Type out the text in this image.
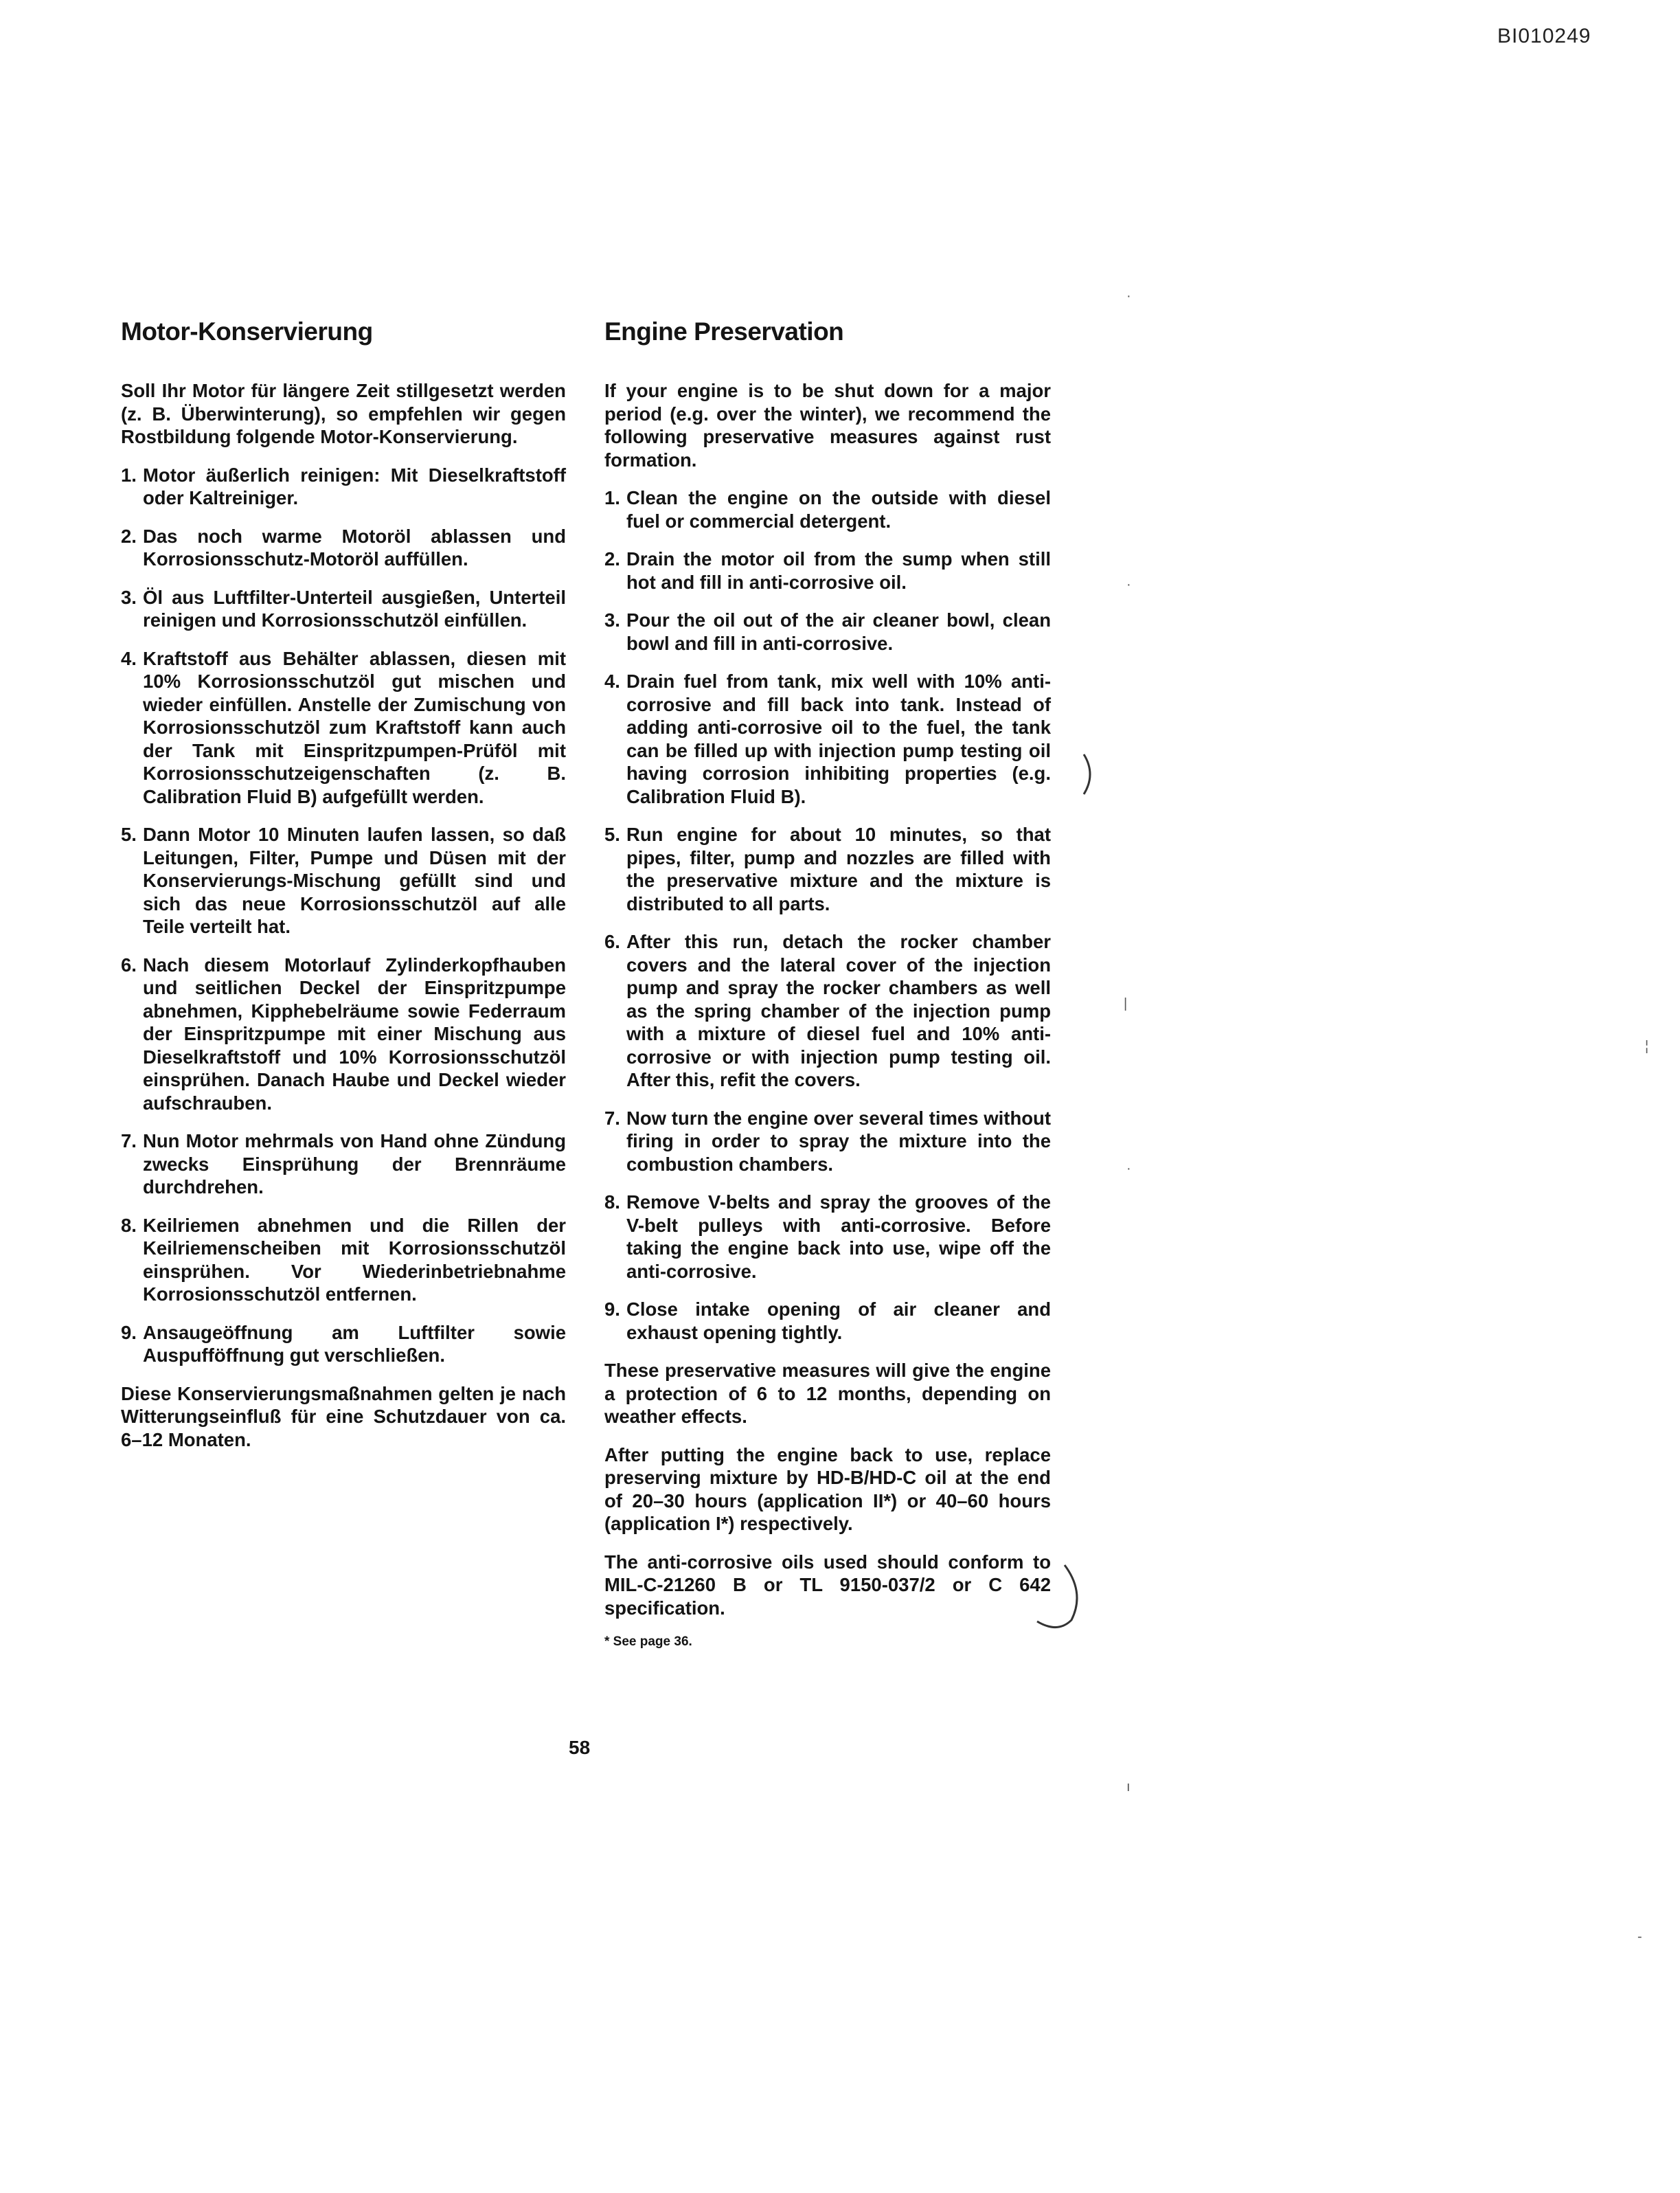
BI010249
Motor-Konservierung

Soll Ihr Motor für längere Zeit stillgesetzt werden (z. B. Überwinterung), so empfehlen wir gegen Rostbildung folgende Motor-Konservierung.

1. Motor äußerlich reinigen: Mit Dieselkraftstoff oder Kaltreiniger.
2. Das noch warme Motoröl ablassen und Korrosionsschutz-Motoröl auffüllen.
3. Öl aus Luftfilter-Unterteil ausgießen, Unterteil reinigen und Korrosionsschutzöl einfüllen.
4. Kraftstoff aus Behälter ablassen, diesen mit 10% Korrosionsschutzöl gut mischen und wieder einfüllen. Anstelle der Zumischung von Korrosionsschutzöl zum Kraftstoff kann auch der Tank mit Einspritzpumpen-Prüföl mit Korrosionsschutzeigenschaften (z. B. Calibration Fluid B) aufgefüllt werden.
5. Dann Motor 10 Minuten laufen lassen, so daß Leitungen, Filter, Pumpe und Düsen mit der Konservierungs-Mischung gefüllt sind und sich das neue Korrosionsschutzöl auf alle Teile verteilt hat.
6. Nach diesem Motorlauf Zylinderkopfhauben und seitlichen Deckel der Einspritzpumpe abnehmen, Kipphebelräume sowie Federraum der Einspritzpumpe mit einer Mischung aus Dieselkraftstoff und 10% Korrosionsschutzöl einsprühen. Danach Haube und Deckel wieder aufschrauben.
7. Nun Motor mehrmals von Hand ohne Zündung zwecks Einsprühung der Brennräume durchdrehen.
8. Keilriemen abnehmen und die Rillen der Keilriemenscheiben mit Korrosionsschutzöl einsprühen. Vor Wiederinbetriebnahme Korrosionsschutzöl entfernen.
9. Ansaugeöffnung am Luftfilter sowie Auspufföffnung gut verschließen.

Diese Konservierungsmaßnahmen gelten je nach Witterungseinfluß für eine Schutzdauer von ca. 6–12 Monaten.

Engine Preservation

If your engine is to be shut down for a major period (e.g. over the winter), we recommend the following preservative measures against rust formation.

1. Clean the engine on the outside with diesel fuel or commercial detergent.
2. Drain the motor oil from the sump when still hot and fill in anti-corrosive oil.
3. Pour the oil out of the air cleaner bowl, clean bowl and fill in anti-corrosive.
4. Drain fuel from tank, mix well with 10% anti-corrosive and fill back into tank. Instead of adding anti-corrosive oil to the fuel, the tank can be filled up with injection pump testing oil having corrosion inhibiting properties (e.g. Calibration Fluid B).
5. Run engine for about 10 minutes, so that pipes, filter, pump and nozzles are filled with the preservative mixture and the mixture is distributed to all parts.
6. After this run, detach the rocker chamber covers and the lateral cover of the injection pump and spray the rocker chambers as well as the spring chamber of the injection pump with a mixture of diesel fuel and 10% anti-corrosive or with injection pump testing oil. After this, refit the covers.
7. Now turn the engine over several times without firing in order to spray the mixture into the combustion chambers.
8. Remove V-belts and spray the grooves of the V-belt pulleys with anti-corrosive. Before taking the engine back into use, wipe off the anti-corrosive.
9. Close intake opening of air cleaner and exhaust opening tightly.

These preservative measures will give the engine a protection of 6 to 12 months, depending on weather effects.

After putting the engine back to use, replace preserving mixture by HD-B/HD-C oil at the end of 20–30 hours (application II*) or 40–60 hours (application I*) respectively.

The anti-corrosive oils used should conform to MIL-C-21260 B or TL 9150-037/2 or C 642 specification.

* See page 36.
58
·
·
|
¦
·
ı
-
